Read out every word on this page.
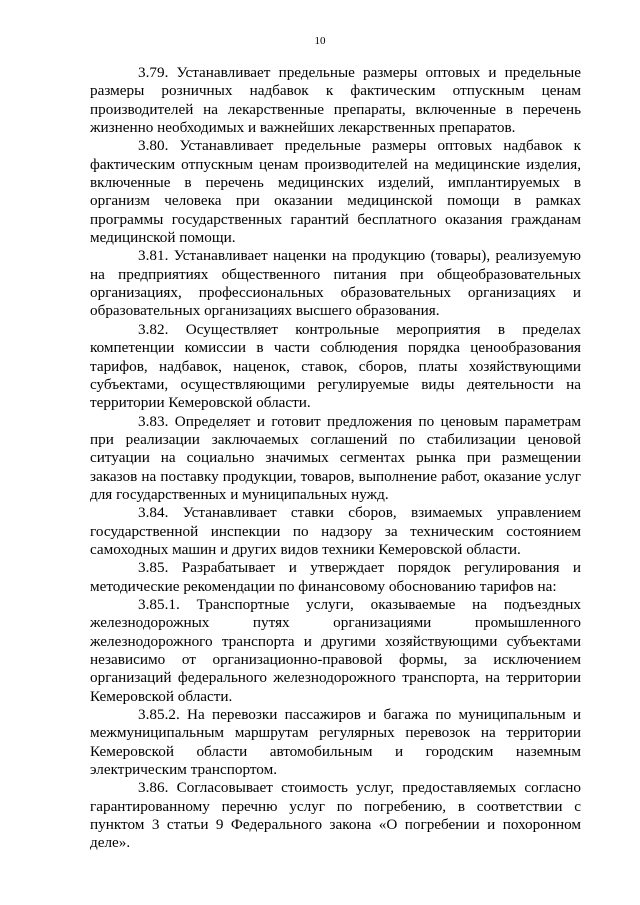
10

3.79. Устанавливает предельные размеры оптовых и предельные размеры розничных надбавок к фактическим отпускным ценам производителей на лекарственные препараты, включенные в перечень жизненно необходимых и важнейших лекарственных препаратов.

3.80. Устанавливает предельные размеры оптовых надбавок к фактическим отпускным ценам производителей на медицинские изделия, включенные в перечень медицинских изделий, имплантируемых в организм человека при оказании медицинской помощи в рамках программы государственных гарантий бесплатного оказания гражданам медицинской помощи.

3.81. Устанавливает наценки на продукцию (товары), реализуемую на предприятиях общественного питания при общеобразовательных организациях, профессиональных образовательных организациях и образовательных организациях высшего образования.

3.82. Осуществляет контрольные мероприятия в пределах компетенции комиссии в части соблюдения порядка ценообразования тарифов, надбавок, наценок, ставок, сборов, платы хозяйствующими субъектами, осуществляющими регулируемые виды деятельности на территории Кемеровской области.

3.83. Определяет и готовит предложения по ценовым параметрам при реализации заключаемых соглашений по стабилизации ценовой ситуации на социально значимых сегментах рынка при размещении заказов на поставку продукции, товаров, выполнение работ, оказание услуг для государственных и муниципальных нужд.

3.84. Устанавливает ставки сборов, взимаемых управлением государственной инспекции по надзору за техническим состоянием самоходных машин и других видов техники Кемеровской области.

3.85. Разрабатывает и утверждает порядок регулирования и методические рекомендации по финансовому обоснованию тарифов на:

3.85.1. Транспортные услуги, оказываемые на подъездных железнодорожных путях организациями промышленного железнодорожного транспорта и другими хозяйствующими субъектами независимо от организационно-правовой формы, за исключением организаций федерального железнодорожного транспорта, на территории Кемеровской области.

3.85.2. На перевозки пассажиров и багажа по муниципальным и межмуниципальным маршрутам регулярных перевозок на территории Кемеровской области автомобильным и городским наземным электрическим транспортом.

3.86. Согласовывает стоимость услуг, предоставляемых согласно гарантированному перечню услуг по погребению, в соответствии с пунктом 3 статьи 9 Федерального закона «О погребении и похоронном деле».
